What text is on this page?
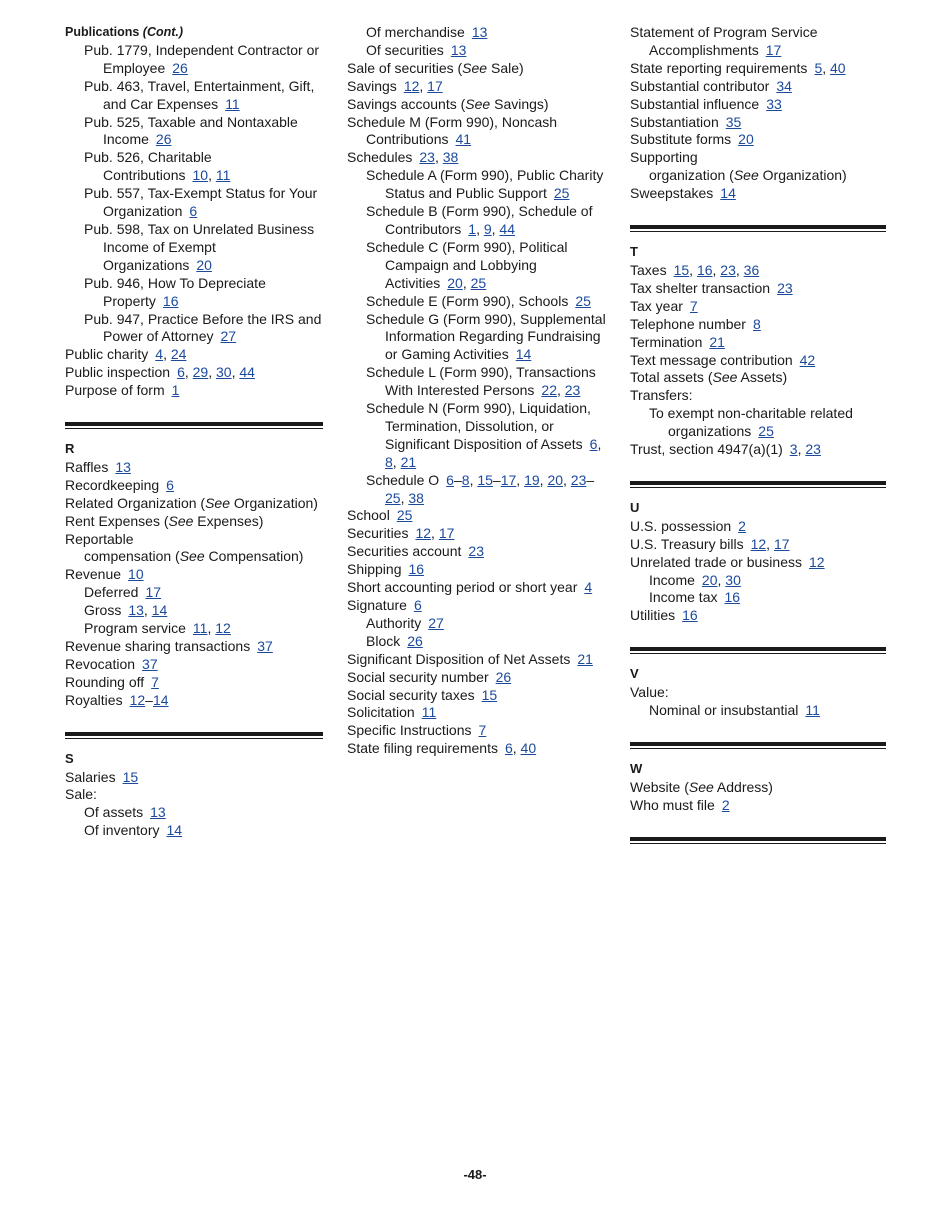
Publications (Cont.)
Pub. 1779, Independent Contractor or Employee 26
Pub. 463, Travel, Entertainment, Gift, and Car Expenses 11
Pub. 525, Taxable and Nontaxable Income 26
Pub. 526, Charitable Contributions 10, 11
Pub. 557, Tax-Exempt Status for Your Organization 6
Pub. 598, Tax on Unrelated Business Income of Exempt Organizations 20
Pub. 946, How To Depreciate Property 16
Pub. 947, Practice Before the IRS and Power of Attorney 27
Public charity 4, 24
Public inspection 6, 29, 30, 44
Purpose of form 1
R
Raffles 13
Recordkeeping 6
Related Organization (See Organization)
Rent Expenses (See Expenses)
Reportable
compensation (See Compensation)
Revenue 10
Deferred 17
Gross 13, 14
Program service 11, 12
Revenue sharing transactions 37
Revocation 37
Rounding off 7
Royalties 12–14
S
Salaries 15
Sale:
Of assets 13
Of inventory 14
Of merchandise 13
Of securities 13
Sale of securities (See Sale)
Savings 12, 17
Savings accounts (See Savings)
Schedule M (Form 990), Noncash Contributions 41
Schedules 23, 38
Schedule A (Form 990), Public Charity Status and Public Support 25
Schedule B (Form 990), Schedule of Contributors 1, 9, 44
Schedule C (Form 990), Political Campaign and Lobbying Activities 20, 25
Schedule E (Form 990), Schools 25
Schedule G (Form 990), Supplemental Information Regarding Fundraising or Gaming Activities 14
Schedule L (Form 990), Transactions With Interested Persons 22, 23
Schedule N (Form 990), Liquidation, Termination, Dissolution, or Significant Disposition of Assets 6, 8, 21
Schedule O 6–8, 15–17, 19, 20, 23–25, 38
School 25
Securities 12, 17
Securities account 23
Shipping 16
Short accounting period or short year 4
Signature 6
Authority 27
Block 26
Significant Disposition of Net Assets 21
Social security number 26
Social security taxes 15
Solicitation 11
Specific Instructions 7
State filing requirements 6, 40
Statement of Program Service Accomplishments 17
State reporting requirements 5, 40
Substantial contributor 34
Substantial influence 33
Substantiation 35
Substitute forms 20
Supporting
organization (See Organization)
Sweepstakes 14
T
Taxes 15, 16, 23, 36
Tax shelter transaction 23
Tax year 7
Telephone number 8
Termination 21
Text message contribution 42
Total assets (See Assets)
Transfers:
To exempt non-charitable related organizations 25
Trust, section 4947(a)(1) 3, 23
U
U.S. possession 2
U.S. Treasury bills 12, 17
Unrelated trade or business 12
Income 20, 30
Income tax 16
Utilities 16
V
Value:
Nominal or insubstantial 11
W
Website (See Address)
Who must file 2
-48-
